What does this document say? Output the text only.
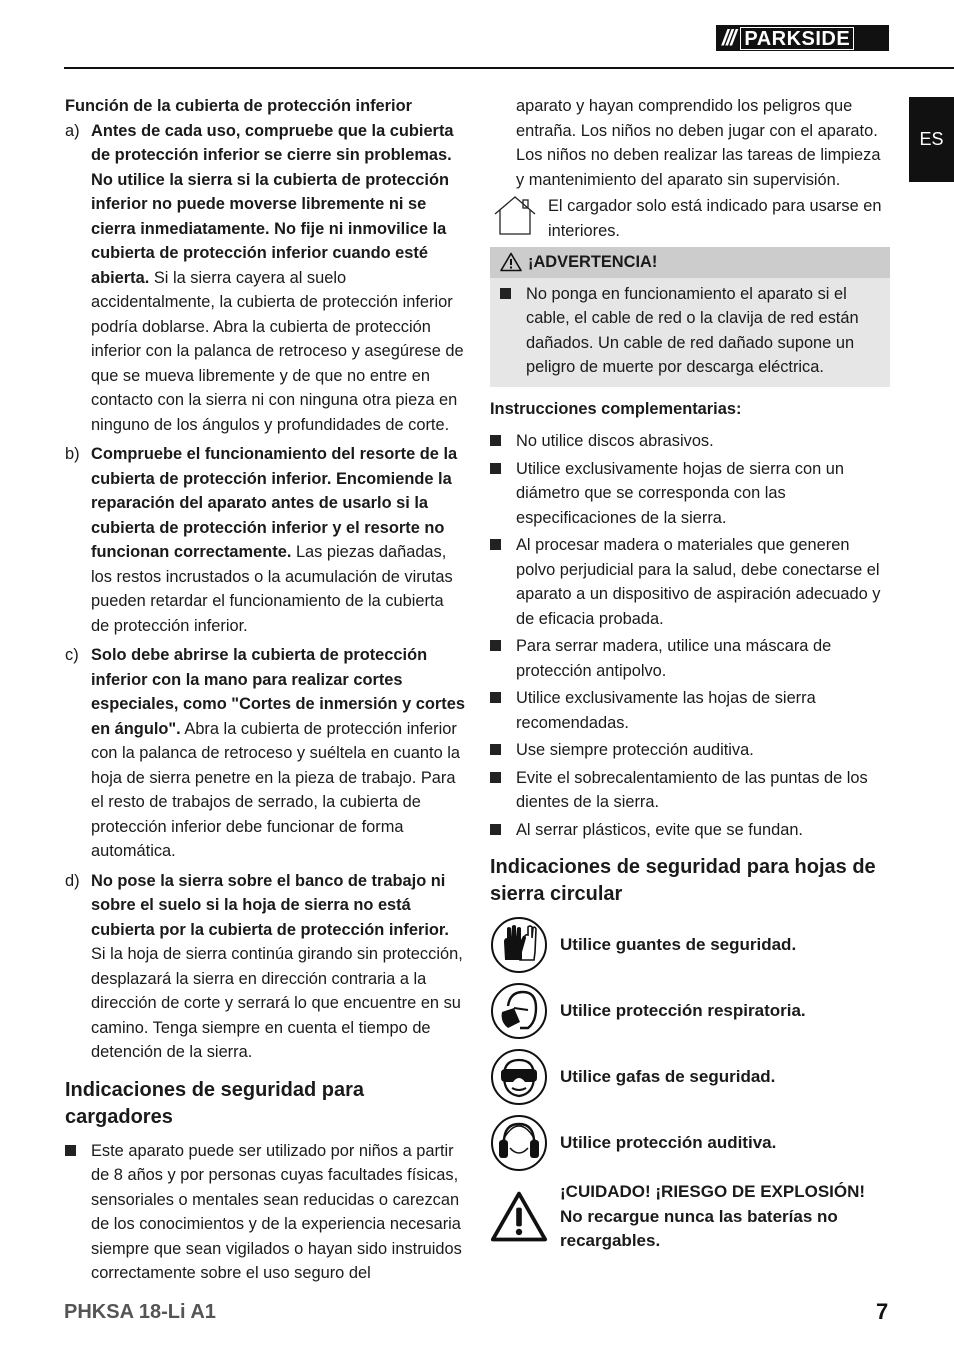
/// PARKSIDE
ES

Función de la cubierta de protección inferior

a) Antes de cada uso, compruebe que la cubierta de protección inferior se cierre sin problemas. No utilice la sierra si la cubierta de protección inferior no puede moverse libremente ni se cierra inmediatamente. No fije ni inmovilice la cubierta de protección inferior cuando esté abierta. Si la sierra cayera al suelo accidentalmente, la cubierta de protección inferior podría doblarse. Abra la cubierta de protección inferior con la palanca de retroceso y asegúrese de que se mueva libremente y de que no entre en contacto con la sierra ni con ninguna otra pieza en ninguno de los ángulos y profundidades de corte.
b) Compruebe el funcionamiento del resorte de la cubierta de protección inferior. Encomiende la reparación del aparato antes de usarlo si la cubierta de protección inferior y el resorte no funcionan correctamente. Las piezas dañadas, los restos incrustados o la acumulación de virutas pueden retardar el funcionamiento de la cubierta de protección inferior.
c) Solo debe abrirse la cubierta de protección inferior con la mano para realizar cortes especiales, como "Cortes de inmersión y cortes en ángulo". Abra la cubierta de protección inferior con la palanca de retroceso y suéltela en cuanto la hoja de sierra penetre en la pieza de trabajo. Para el resto de trabajos de serrado, la cubierta de protección inferior debe funcionar de forma automática.
d) No pose la sierra sobre el banco de trabajo ni sobre el suelo si la hoja de sierra no está cubierta por la cubierta de protección inferior. Si la hoja de sierra continúa girando sin protección, desplazará la sierra en dirección contraria a la dirección de corte y serrará lo que encuentre en su camino. Tenga siempre en cuenta el tiempo de detención de la sierra.
Indicaciones de seguridad para cargadores
Este aparato puede ser utilizado por niños a partir de 8 años y por personas cuyas facultades físicas, sensoriales o mentales sean reducidas o carezcan de los conocimientos y de la experiencia necesaria siempre que sean vigilados o hayan sido instruidos correctamente sobre el uso seguro del
aparato y hayan comprendido los peligros que entraña. Los niños no deben jugar con el aparato. Los niños no deben realizar las tareas de limpieza y mantenimiento del aparato sin supervisión.
El cargador solo está indicado para usarse en interiores.
¡ADVERTENCIA!
No ponga en funcionamiento el aparato si el cable, el cable de red o la clavija de red están dañados. Un cable de red dañado supone un peligro de muerte por descarga eléctrica.

Instrucciones complementarias:

No utilice discos abrasivos.
Utilice exclusivamente hojas de sierra con un diámetro que se corresponda con las especificaciones de la sierra.
Al procesar madera o materiales que generen polvo perjudicial para la salud, debe conectarse el aparato a un dispositivo de aspiración adecuado y de eficacia probada.
Para serrar madera, utilice una máscara de protección antipolvo.
Utilice exclusivamente las hojas de sierra recomendadas.
Use siempre protección auditiva.
Evite el sobrecalentamiento de las puntas de los dientes de la sierra.
Al serrar plásticos, evite que se fundan.
Indicaciones de seguridad para hojas de sierra circular
Utilice guantes de seguridad.
Utilice protección respiratoria.
Utilice gafas de seguridad.
Utilice protección auditiva.
¡CUIDADO! ¡RIESGO DE EXPLOSIÓN! No recargue nunca las baterías no recargables.
PHKSA 18-Li A1	7
